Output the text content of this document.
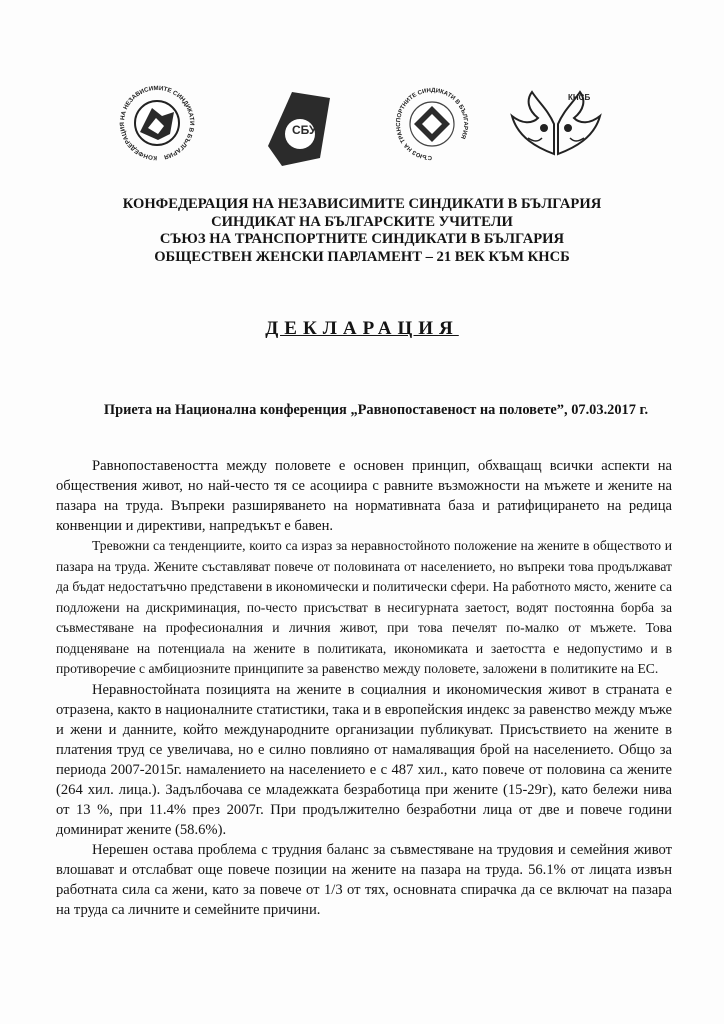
КОНФЕДЕРАЦИЯ НА НЕЗАВИСИМИТЕ СИНДИКАТИ В БЪЛГАРИЯ
СБУ
СЪЮЗ НА ТРАНСПОРТНИТЕ СИНДИКАТИ В БЪЛГАРИЯ
КНСБ
КОНФЕДЕРАЦИЯ НА НЕЗАВИСИМИТЕ СИНДИКАТИ В БЪЛГАРИЯ
СИНДИКАТ НА БЪЛГАРСКИТЕ УЧИТЕЛИ
СЪЮЗ НА ТРАНСПОРТНИТЕ СИНДИКАТИ В БЪЛГАРИЯ
ОБЩЕСТВЕН ЖЕНСКИ ПАРЛАМЕНТ – 21 ВЕК КЪМ КНСБ
ДЕКЛАРАЦИЯ
Приета на Национална конференция „Равнопоставеност на половете”, 07.03.2017 г.

Равнопоставеността между половете е основен принцип, обхващащ всички аспекти на обществения живот, но най-често тя се асоциира с равните възможности на мъжете и жените на пазара на труда. Въпреки разширяването на нормативната база и ратифицирането на редица конвенции и директиви, напредъкът е бавен.

Тревожни са тенденциите, които са израз за неравностойното положение на жените в обществото и пазара на труда. Жените съставляват повече от половината от населението, но въпреки това продължават да бъдат недостатъчно представени в икономически и политически сфери. На работното място, жените са подложени на дискриминация, по-често присъстват в несигурната заетост, водят постоянна борба за съвместяване на професионалния и личния живот, при това печелят по-малко от мъжете. Това подценяване на потенциала на жените в политиката, икономиката и заетостта е недопустимо и в противоречие с амбициозните принципите за равенство между половете, заложени в политиките на ЕС.

Неравностойната позицията на жените в социалния и икономическия живот в страната е отразена, както в националните статистики, така и в европейския индекс за равенство между мъже и жени и данните, който международните организации публикуват. Присъствието на жените в платения труд се увеличава, но е силно повлияно от намаляващия брой на населението. Общо за периода 2007-2015г. намалението на населението е с 487 хил., като повече от половина са жените (264 хил. лица.). Задълбочава се младежката безработица при жените (15-29г), като бележи нива от 13 %, при 11.4% през 2007г. При продължително безработни лица от две и повече години доминират жените (58.6%).

Нерешен остава проблема с трудния баланс за съвместяване на трудовия и семейния живот влошават и отслабват още повече позиции на жените на пазара на труда. 56.1% от лицата извън работната сила са жени, като за повече от 1/3 от тях, основната спирачка да се включат на пазара на труда са личните и семейните причини.
